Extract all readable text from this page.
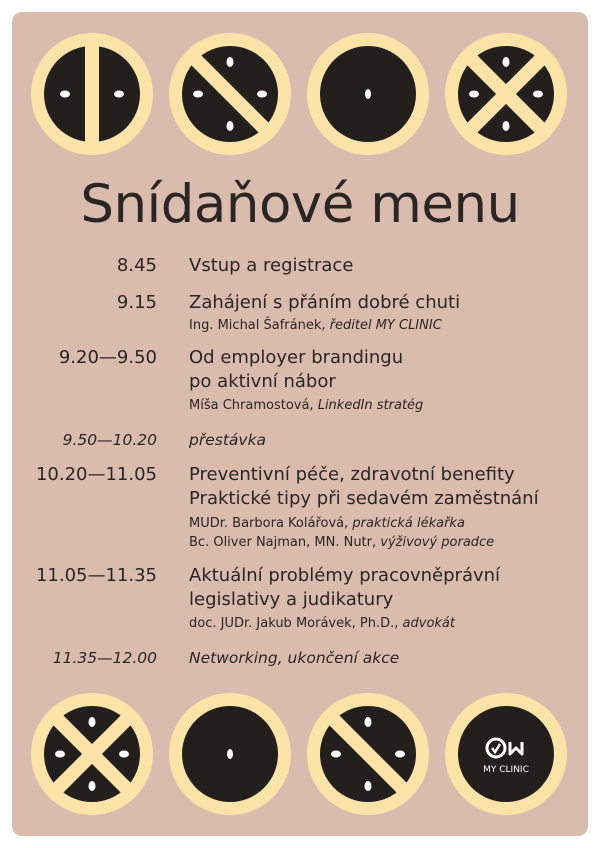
Snídaňové menu
8.45 Vstup a registrace
9.15 Zahájení s přáním dobré chuti
Ing. Michal Šafránek, ředitel MY CLINIC
9.20—9.50 Od employer brandingu
po aktivní nábor
Míša Chramostová, LinkedIn stratég
9.50—10.20 přestávka
10.20—11.05 Preventivní péče, zdravotní benefity
Praktické tipy při sedavém zaměstnání
MUDr. Barbora Kolářová, praktická lékařka
Bc. Oliver Najman, MN. Nutr, výživový poradce
11.05—11.35 Aktuální problémy pracovněprávní
legislativy a judikatury
doc. JUDr. Jakub Morávek, Ph.D., advokát
11.35—12.00 Networking, ukončení akce
MY CLINIC
